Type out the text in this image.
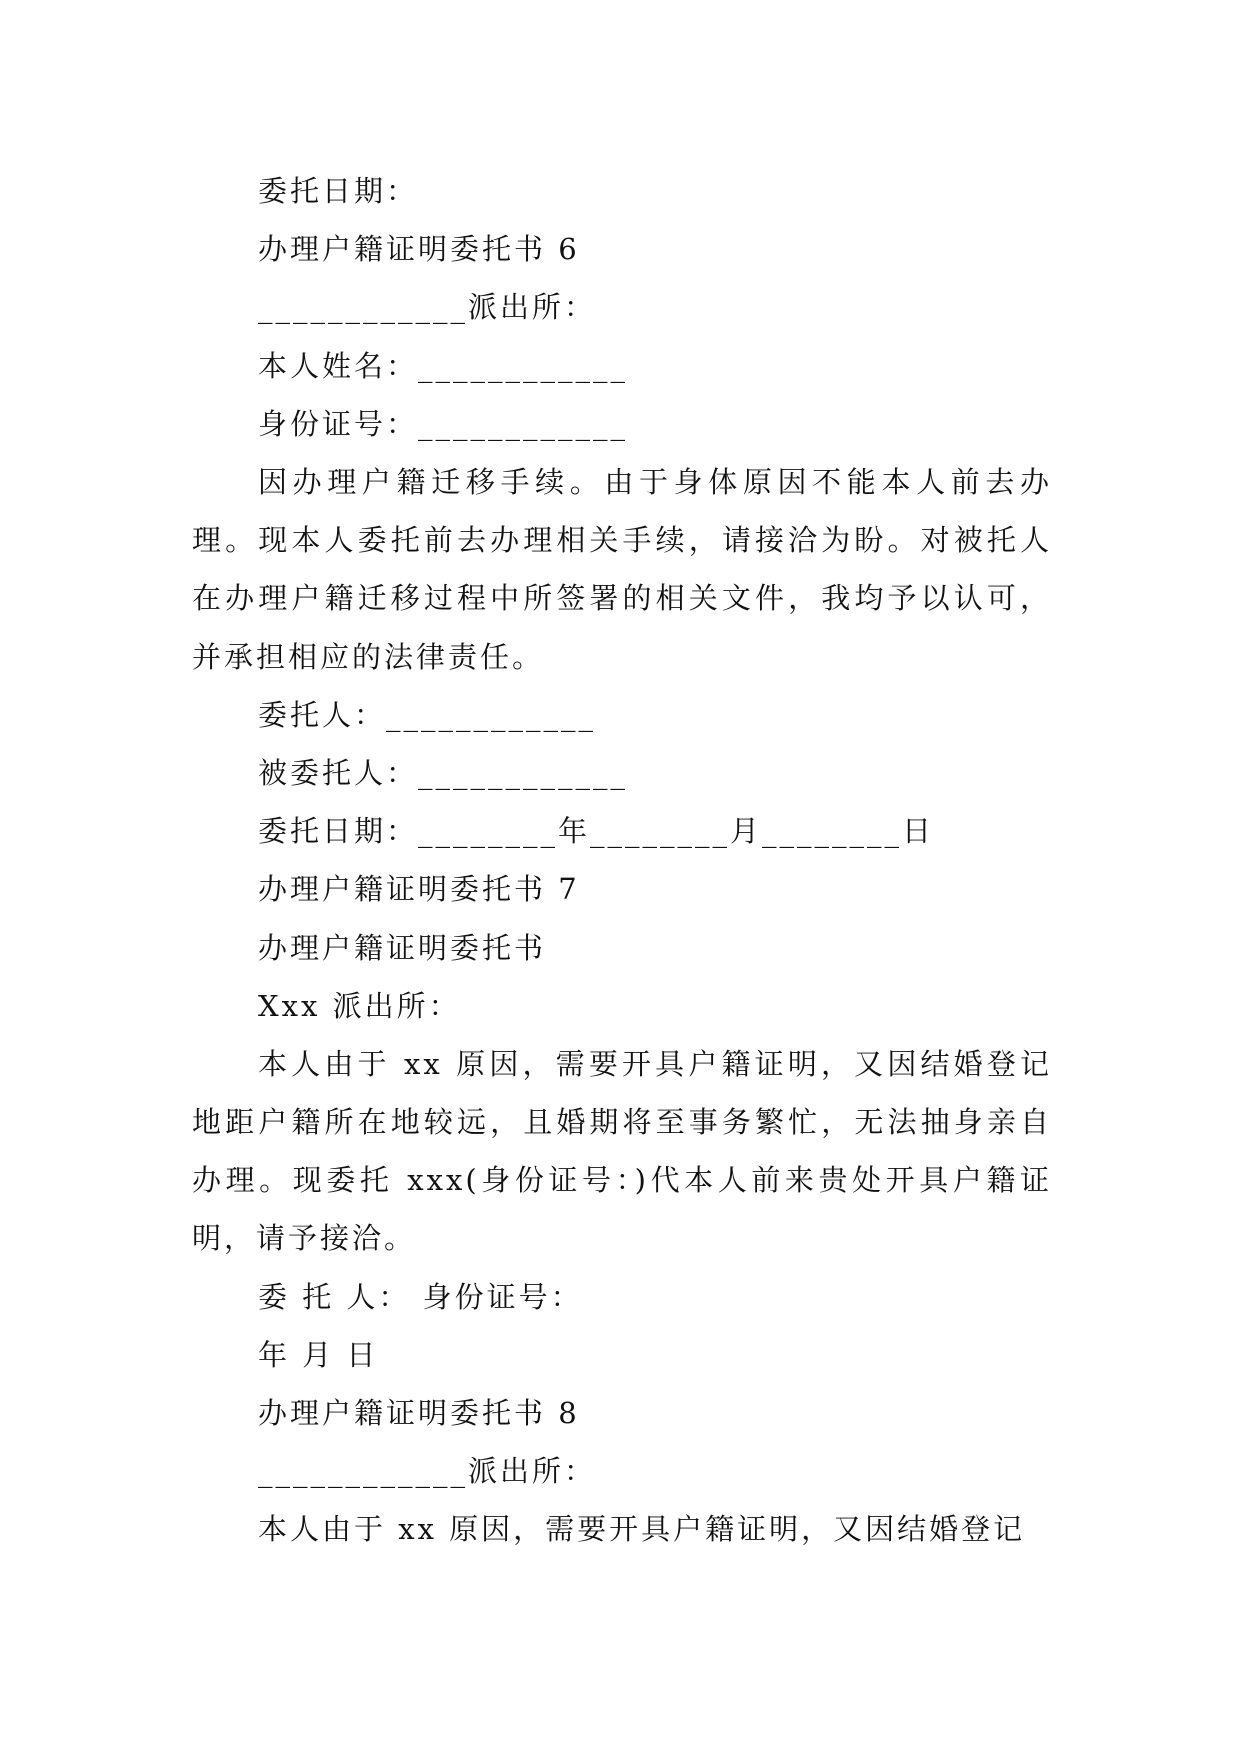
委托日期：
办理户籍证明委托书 6
____________派出所：
本人姓名：____________
身份证号：____________

因办理户籍迁移手续。由于身体原因不能本人前去办理。现本人委托前去办理相关手续，请接洽为盼。对被托人在办理户籍迁移过程中所签署的相关文件，我均予以认可，并承担相应的法律责任。

委托人：____________
被委托人：____________
委托日期：________年________月________日
办理户籍证明委托书 7
办理户籍证明委托书
Xxx 派出所：

本人由于 xx 原因，需要开具户籍证明，又因结婚登记地距户籍所在地较远，且婚期将至事务繁忙，无法抽身亲自办理。现委托 xxx(身份证号：)代本人前来贵处开具户籍证明，请予接洽。

委 托 人： 身份证号：
年 月 日
办理户籍证明委托书 8
____________派出所：
本人由于 xx 原因，需要开具户籍证明，又因结婚登记
